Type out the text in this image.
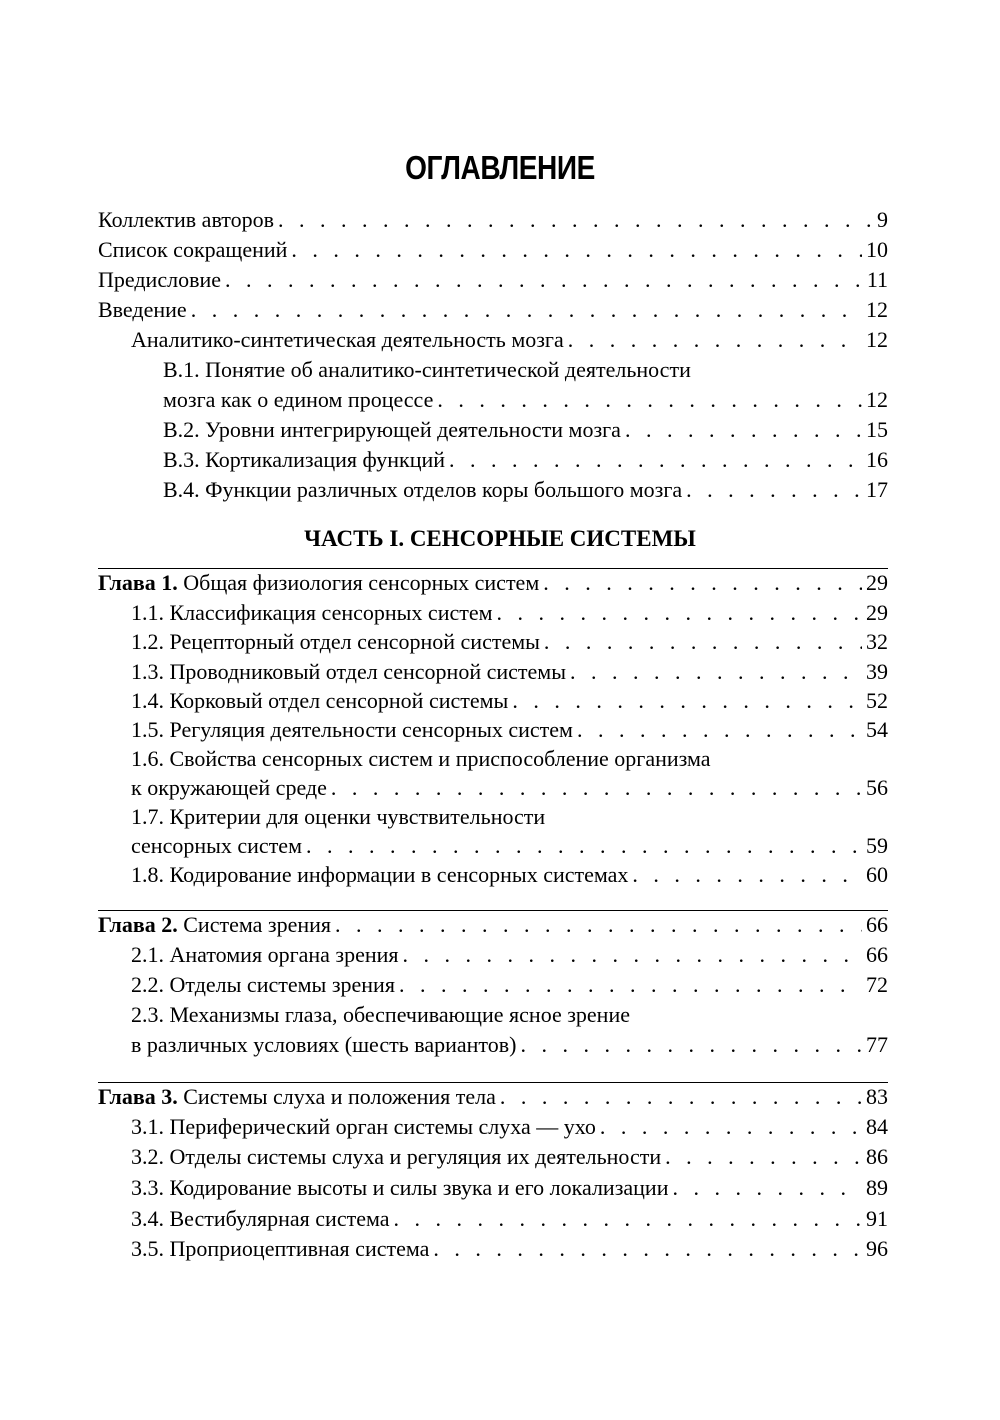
ОГЛАВЛЕНИЕ
Коллектив авторов . . .	9
Список сокращений . . .	10
Предисловие . . .	11
Введение . . .	12
Аналитико-синтетическая деятельность мозга . . .	12
В.1. Понятие об аналитико-синтетической деятельности
мозга как о едином процессе . . .	12
В.2. Уровни интегрирующей деятельности мозга . . .	15
В.3. Кортикализация функций . . .	16
В.4. Функции различных отделов коры большого мозга . . .	17
ЧАСТЬ I. СЕНСОРНЫЕ СИСТЕМЫ
Глава 1. Общая физиология сенсорных систем . . .	29
1.1. Классификация сенсорных систем . . .	29
1.2. Рецепторный отдел сенсорной системы . . .	32
1.3. Проводниковый отдел сенсорной системы . . .	39
1.4. Корковый отдел сенсорной системы . . .	52
1.5. Регуляция деятельности сенсорных систем . . .	54
1.6. Свойства сенсорных систем и приспособление организма
к окружающей среде . . .	56
1.7. Критерии для оценки чувствительности
сенсорных систем . . .	59
1.8. Кодирование информации в сенсорных системах . . .	60
Глава 2. Система зрения . . .	66
2.1. Анатомия органа зрения . . .	66
2.2. Отделы системы зрения . . .	72
2.3. Механизмы глаза, обеспечивающие ясное зрение
в различных условиях (шесть вариантов) . . .	77
Глава 3. Системы слуха и положения тела . . .	83
3.1. Периферический орган системы слуха — ухо . . .	84
3.2. Отделы системы слуха и регуляция их деятельности . . .	86
3.3. Кодирование высоты и силы звука и его локализации . . .	89
3.4. Вестибулярная система . . .	91
3.5. Проприоцептивная система . . .	96
